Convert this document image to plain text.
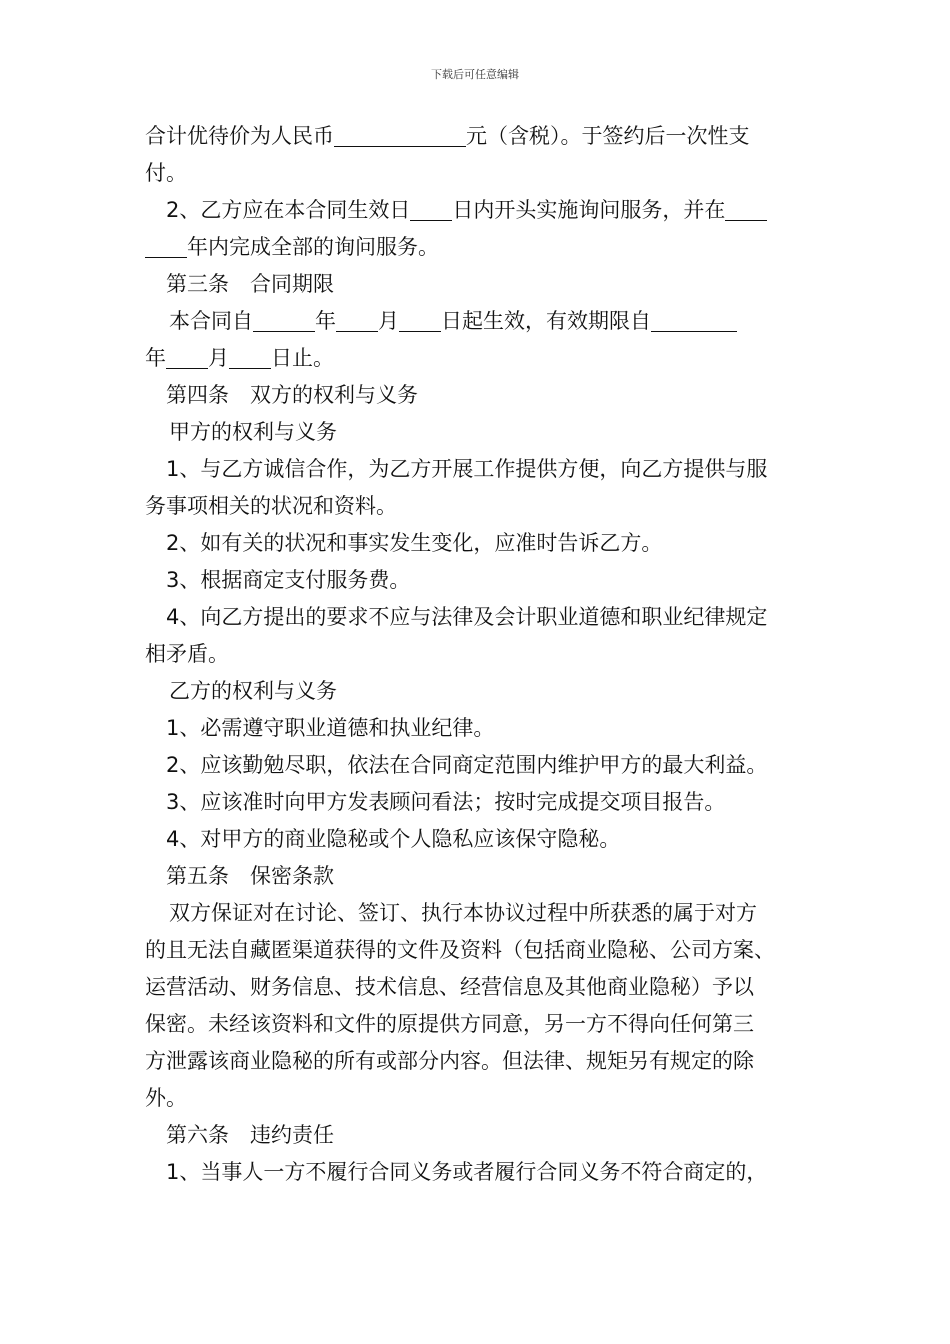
下载后可任意编辑
合计优待价为人民币	元（含税）。于签约后一次性支
付。
2、乙方应在本合同生效日 日内开头实施询问服务，并在
年内完成全部的询问服务。
第三条 合同期限
本合同自	年 月 日起生效，有效期限自
年 月 日止。
第四条 双方的权利与义务
甲方的权利与义务
1、与乙方诚信合作，为乙方开展工作提供方便，向乙方提供与服
务事项相关的状况和资料。
2、如有关的状况和事实发生变化，应准时告诉乙方。
3、根据商定支付服务费。
4、向乙方提出的要求不应与法律及会计职业道德和职业纪律规定
相矛盾。
乙方的权利与义务
1、必需遵守职业道德和执业纪律。
2、应该勤勉尽职，依法在合同商定范围内维护甲方的最大利益。
3、应该准时向甲方发表顾问看法；按时完成提交项目报告。
4、对甲方的商业隐秘或个人隐私应该保守隐秘。
第五条 保密条款
双方保证对在讨论、签订、执行本协议过程中所获悉的属于对方
的且无法自藏匿渠道获得的文件及资料（包括商业隐秘、公司方案、
运营活动、财务信息、技术信息、经营信息及其他商业隐秘）予以
保密。未经该资料和文件的原提供方同意，另一方不得向任何第三
方泄露该商业隐秘的所有或部分内容。但法律、规矩另有规定的除
外。
第六条 违约责任
1、当事人一方不履行合同义务或者履行合同义务不符合商定的，
